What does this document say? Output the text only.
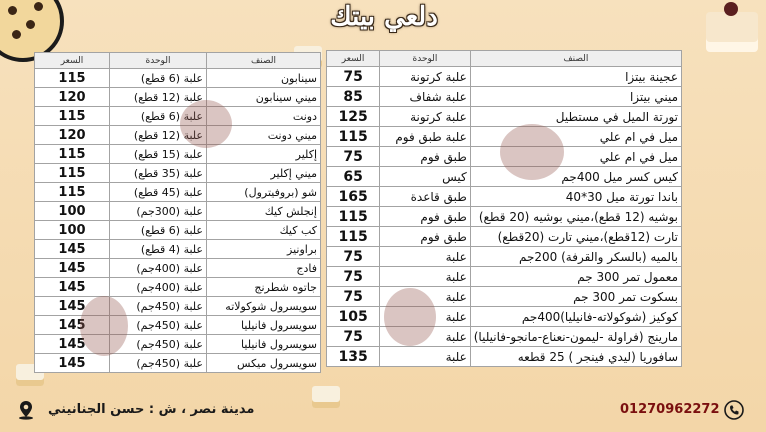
دلعي بيتك
السعر	الوحدة	الصنف
115	علبة (6 قطع)	سينابون
120	علبة (12 قطع)	ميني سينابون
115	علبة (6 قطع)	دونت
120	علبة (12 قطع)	ميني دونت
115	علبة (15 قطع)	إكلير
115	علبة (35 قطع)	ميني إكلير
115	علبة (45 قطع)	شو (بروفيترول)
100	علبة (300جم)	إنجلش كيك
100	علبة (6 قطع)	كب كيك
145	علبة (4 قطع)	براونيز
145	علبة (400جم)	فادج
145	علبة (400جم)	جاتوه شطرنج
145	علبة (450جم)	سويسرول شوكولاته
145	علبة (450جم)	سويسرول فانيليا
145	علبة (450جم)	سويسرول فانيليا
145	علبة (450جم)	سويسرول ميكس
السعر	الوحدة	الصنف
75	علبة كرتونة	عجينة بيتزا
85	علبة شفاف	ميني بيتزا
125	علبة كرتونة	تورتة الميل في مستطيل
115	علبة طبق فوم	ميل في ام علي
75	طبق فوم	ميل في ام علي
65	كيس	كيس كسر ميل 400جم
165	طبق قاعدة	باندا تورتة ميل 30*40
115	طبق فوم	بوشيه (12 قطع)،ميني بوشيه (20 قطع)
115	طبق فوم	تارت (12قطع)،ميني تارت (20قطع)
75	علبة	بالميه (بالسكر والقرفة) 200جم
75	علبة	معمول تمر 300 جم
75	علبة	بسكوت تمر 300 جم
105	علبة	كوكيز (شوكولاته-فانيليا)400جم
75	علبة	مارينج (فراولة -ليمون-نعناع-مانجو-فانيليا)
135	علبة	سافوريا (ليدي فينجر ) 25 قطعه
مدينة نصر ، ش : حسن الجنانيني	01270962272
